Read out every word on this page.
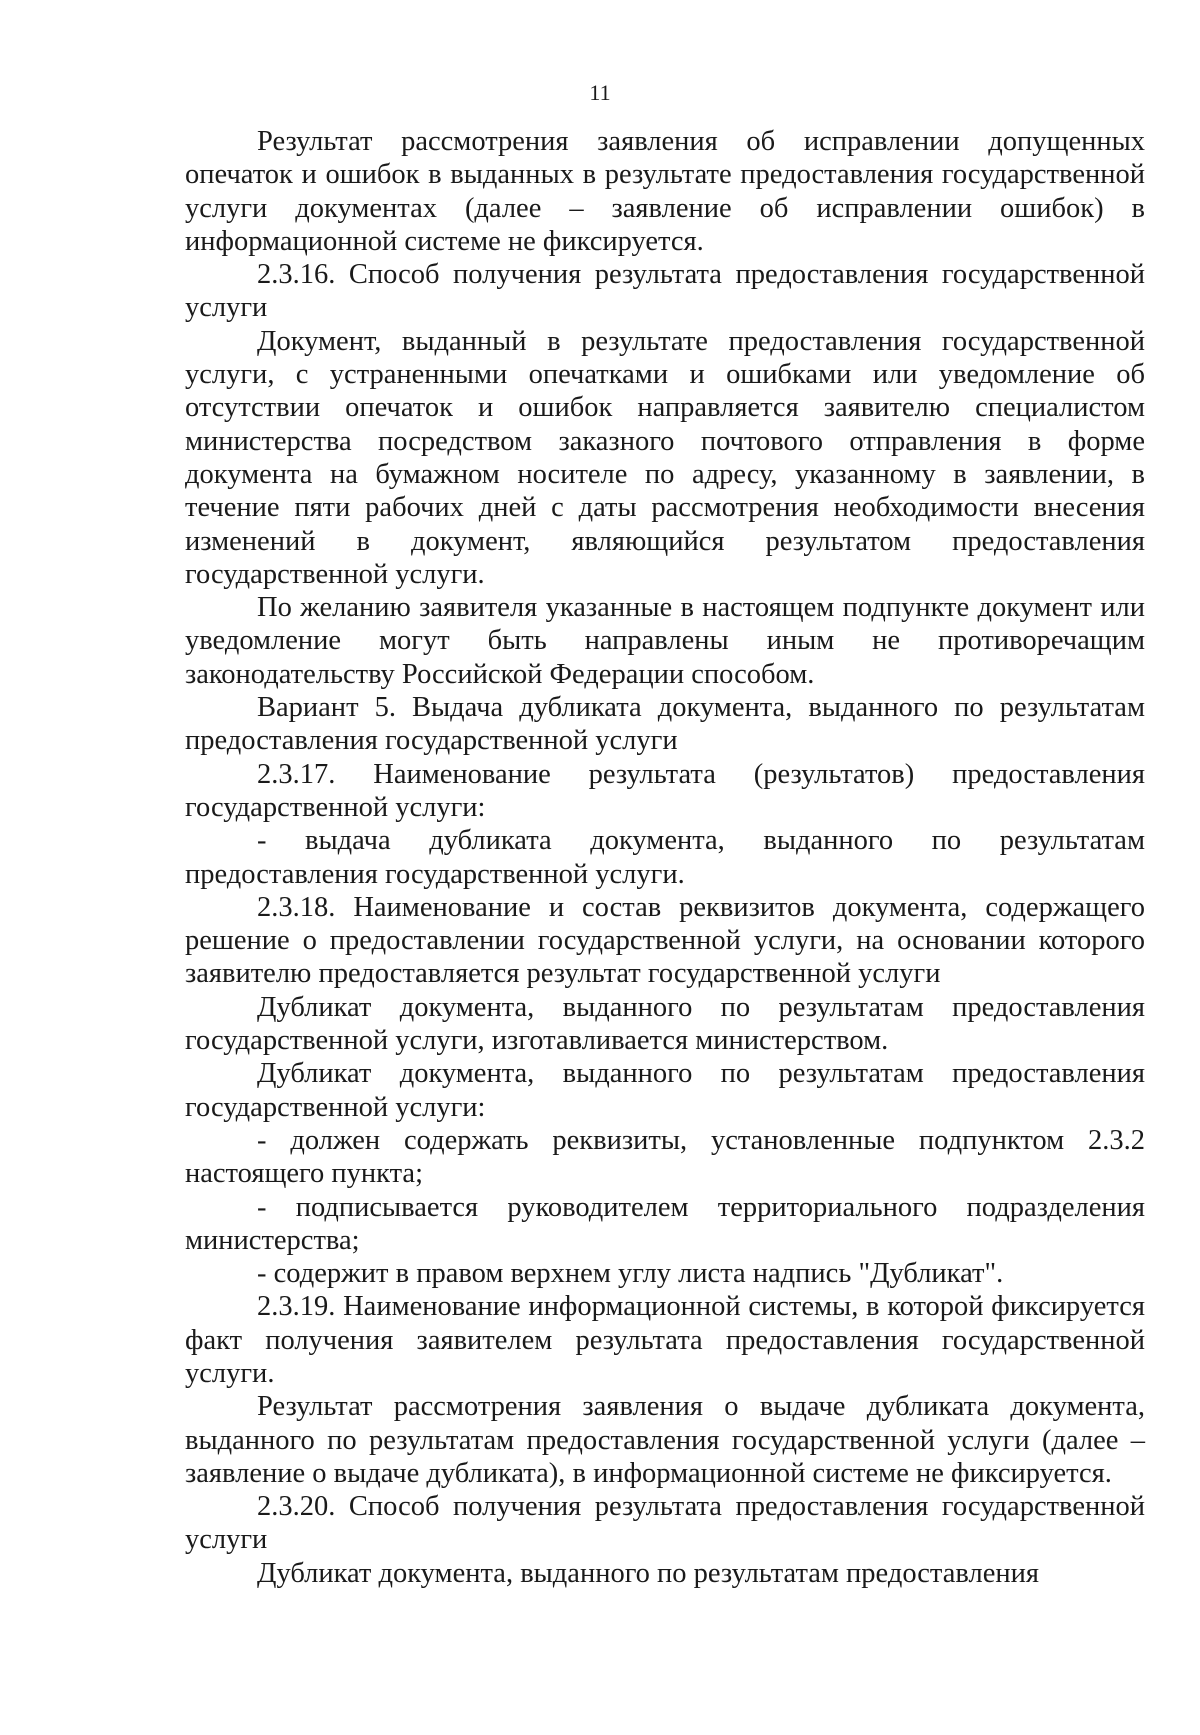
11

Результат рассмотрения заявления об исправлении допущенных опечаток и ошибок в выданных в результате предоставления государственной услуги документах (далее – заявление об исправлении ошибок) в информационной системе не фиксируется.

2.3.16. Способ получения результата предоставления государственной услуги

Документ, выданный в результате предоставления государственной услуги, с устраненными опечатками и ошибками или уведомление об отсутствии опечаток и ошибок направляется заявителю специалистом министерства посредством заказного почтового отправления в форме документа на бумажном носителе по адресу, указанному в заявлении, в течение пяти рабочих дней с даты рассмотрения необходимости внесения изменений в документ, являющийся результатом предоставления государственной услуги.

По желанию заявителя указанные в настоящем подпункте документ или уведомление могут быть направлены иным не противоречащим законодательству Российской Федерации способом.

Вариант 5. Выдача дубликата документа, выданного по результатам предоставления государственной услуги

2.3.17. Наименование результата (результатов) предоставления государственной услуги:

- выдача дубликата документа, выданного по результатам предоставления государственной услуги.

2.3.18. Наименование и состав реквизитов документа, содержащего решение о предоставлении государственной услуги, на основании которого заявителю предоставляется результат государственной услуги

Дубликат документа, выданного по результатам предоставления государственной услуги, изготавливается министерством.

Дубликат документа, выданного по результатам предоставления государственной услуги:

- должен содержать реквизиты, установленные подпунктом 2.3.2 настоящего пункта;

- подписывается руководителем территориального подразделения министерства;

- содержит в правом верхнем углу листа надпись "Дубликат".

2.3.19. Наименование информационной системы, в которой фиксируется факт получения заявителем результата предоставления государственной услуги.

Результат рассмотрения заявления о выдаче дубликата документа, выданного по результатам предоставления государственной услуги (далее – заявление о выдаче дубликата), в информационной системе не фиксируется.

2.3.20. Способ получения результата предоставления государственной услуги

Дубликат документа, выданного по результатам предоставления
